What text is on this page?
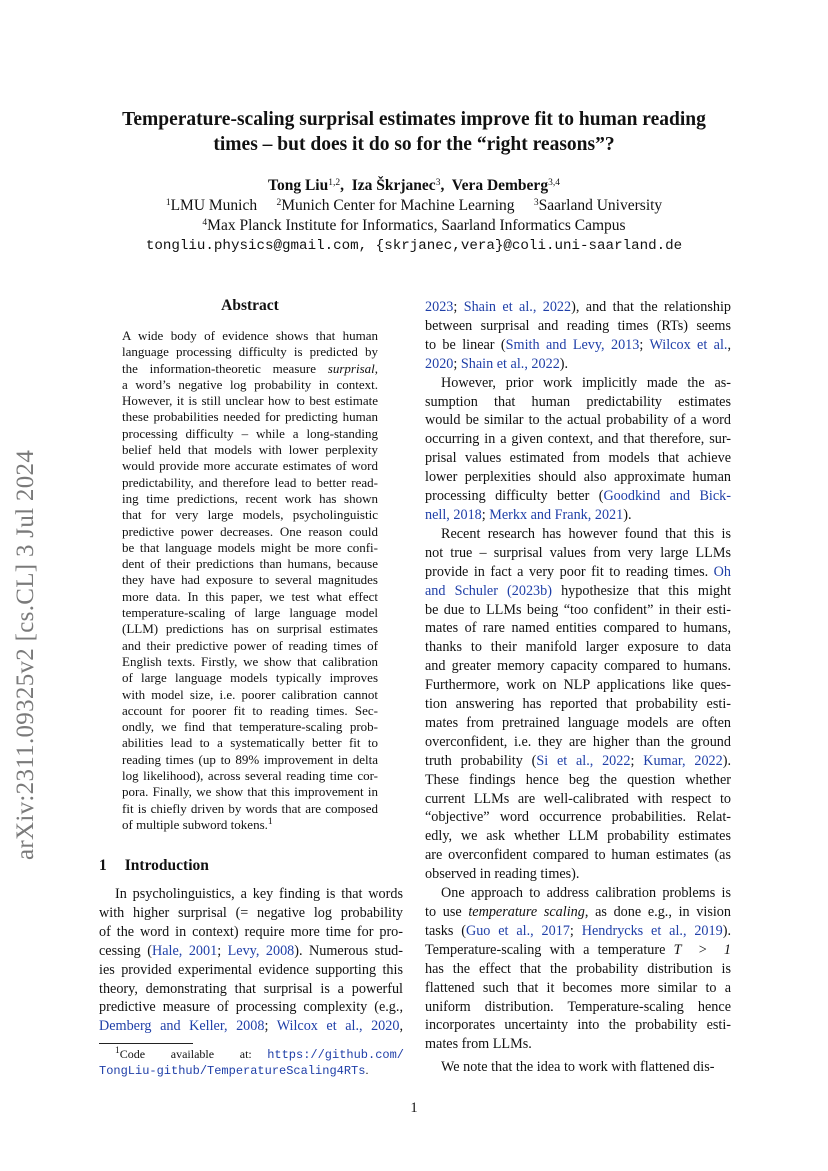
arXiv:2311.09325v2 [cs.CL] 3 Jul 2024
Temperature-scaling surprisal estimates improve fit to human reading
times – but does it do so for the “right reasons”?
Tong Liu$^{1,2}$,  Iza Škrjanec$^3$,  Vera Demberg$^{3,4}$
$^1$LMU Munich $^2$Munich Center for Machine Learning $^3$Saarland University
$^4$Max Planck Institute for Informatics, Saarland Informatics Campus
tongliu.physics@gmail.com, {skrjanec,vera}@coli.uni-saarland.de
Abstract
A wide body of evidence shows that human
language processing difficulty is predicted by
the information-theoretic measure surprisal,
a word’s negative log probability in context.
However, it is still unclear how to best estimate
these probabilities needed for predicting human
processing difficulty – while a long-standing
belief held that models with lower perplexity
would provide more accurate estimates of word
predictability, and therefore lead to better read-
ing time predictions, recent work has shown
that for very large models, psycholinguistic
predictive power decreases. One reason could
be that language models might be more confi-
dent of their predictions than humans, because
they have had exposure to several magnitudes
more data. In this paper, we test what effect
temperature-scaling of large language model
(LLM) predictions has on surprisal estimates
and their predictive power of reading times of
English texts. Firstly, we show that calibration
of large language models typically improves
with model size, i.e. poorer calibration cannot
account for poorer fit to reading times. Sec-
ondly, we find that temperature-scaling prob-
abilities lead to a systematically better fit to
reading times (up to 89% improvement in delta
log likelihood), across several reading time cor-
pora. Finally, we show that this improvement in
fit is chiefly driven by words that are composed
of multiple subword tokens.$^1$
1 Introduction
In psycholinguistics, a key finding is that words
with higher surprisal (= negative log probability
of the word in context) require more time for pro-
cessing (Hale, 2001; Levy, 2008). Numerous stud-
ies provided experimental evidence supporting this
theory, demonstrating that surprisal is a powerful
predictive measure of processing complexity (e.g.,
Demberg and Keller, 2008; Wilcox et al., 2020,
$^1$Code     available     at: https://github.com/
TongLiu-github/TemperatureScaling4RTs.
2023; Shain et al., 2022), and that the relationship
between surprisal and reading times (RTs) seems
to be linear (Smith and Levy, 2013; Wilcox et al.,
2020; Shain et al., 2022).
However, prior work implicitly made the as-
sumption that human predictability estimates
would be similar to the actual probability of a word
occurring in a given context, and that therefore, sur-
prisal values estimated from models that achieve
lower perplexities should also approximate human
processing difficulty better (Goodkind and Bick-
nell, 2018; Merkx and Frank, 2021).
Recent research has however found that this is
not true – surprisal values from very large LLMs
provide in fact a very poor fit to reading times. Oh
and Schuler (2023b) hypothesize that this might
be due to LLMs being “too confident” in their esti-
mates of rare named entities compared to humans,
thanks to their manifold larger exposure to data
and greater memory capacity compared to humans.
Furthermore, work on NLP applications like ques-
tion answering has reported that probability esti-
mates from pretrained language models are often
overconfident, i.e. they are higher than the ground
truth probability (Si et al., 2022; Kumar, 2022).
These findings hence beg the question whether
current LLMs are well-calibrated with respect to
“objective” word occurrence probabilities. Relat-
edly, we ask whether LLM probability estimates
are overconfident compared to human estimates (as
observed in reading times).
One approach to address calibration problems is
to use temperature scaling, as done e.g., in vision
tasks (Guo et al., 2017; Hendrycks et al., 2019).
Temperature-scaling with a temperature T  >  1
has the effect that the probability distribution is
flattened such that it becomes more similar to a
uniform distribution. Temperature-scaling hence
incorporates uncertainty into the probability esti-
mates from LLMs.
We note that the idea to work with flattened dis-
1
